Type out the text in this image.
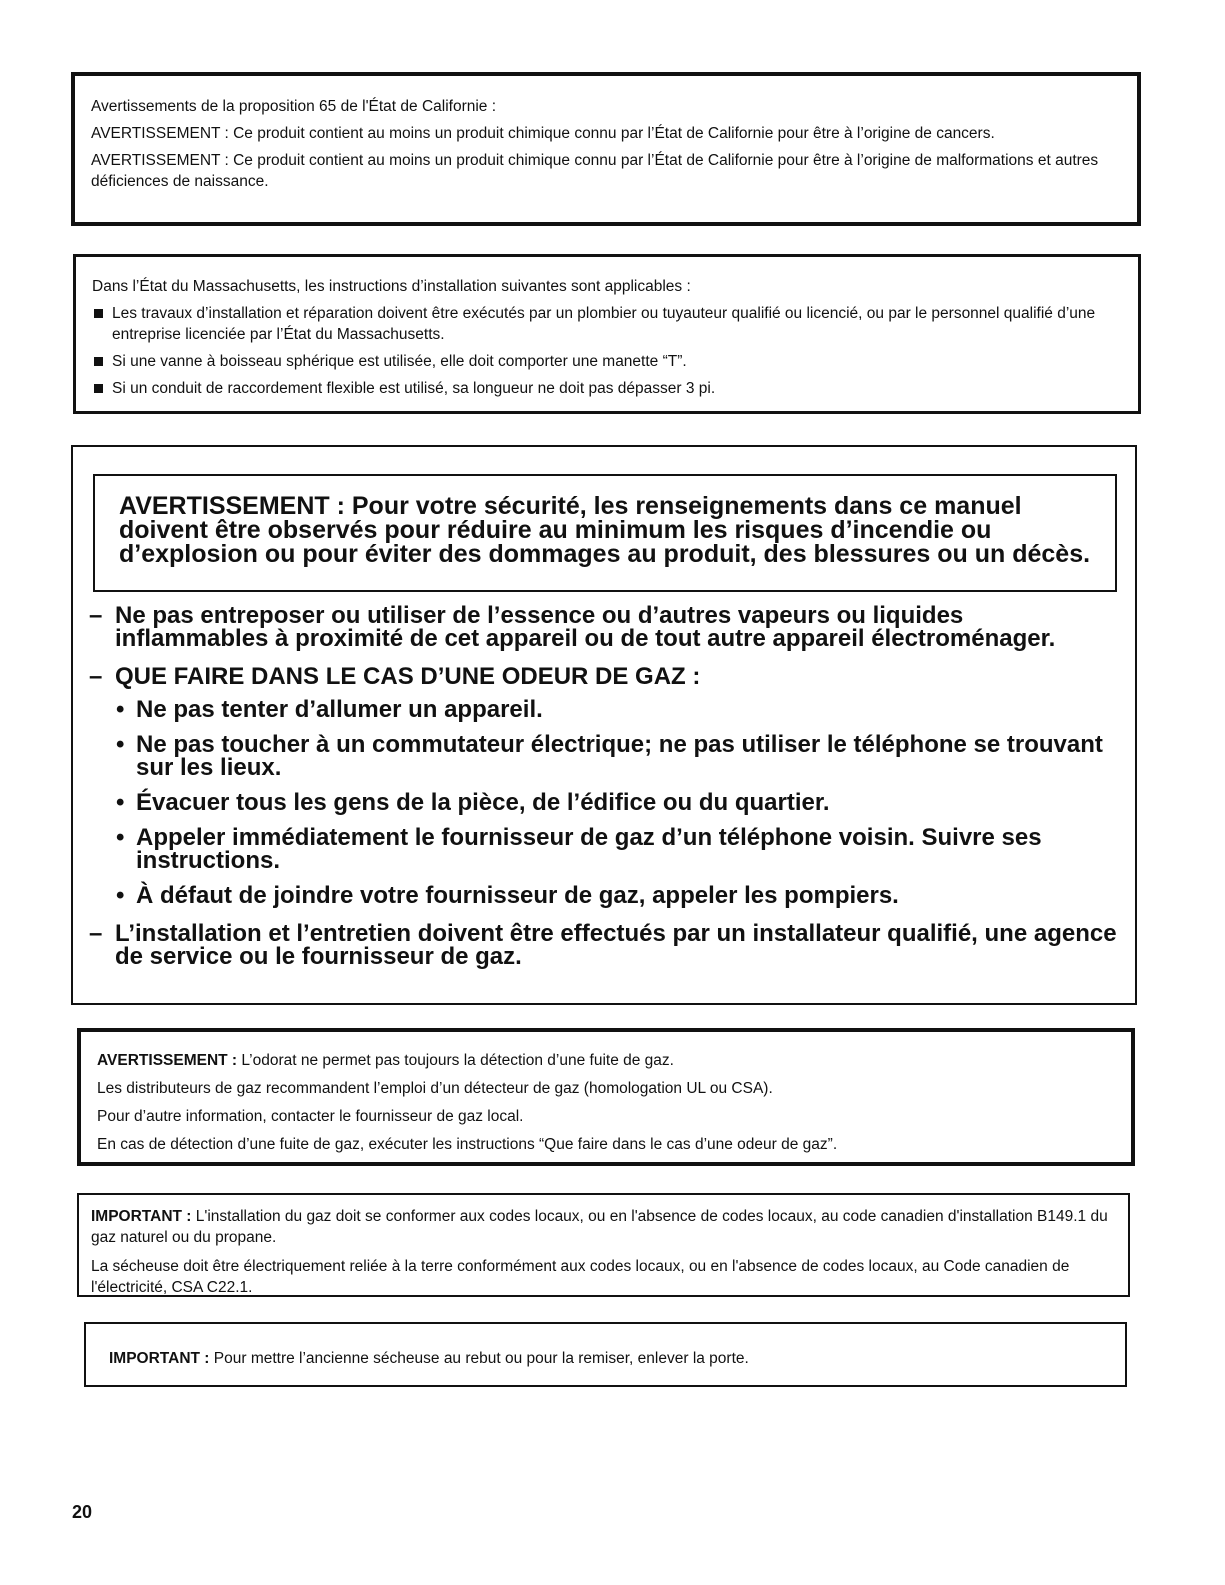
Avertissements de la proposition 65 de l'État de Californie :

AVERTISSEMENT : Ce produit contient au moins un produit chimique connu par l’État de Californie pour être à l’origine de cancers.

AVERTISSEMENT : Ce produit contient au moins un produit chimique connu par l’État de Californie pour être à l’origine de malformations et autres déficiences de naissance.

Dans l’État du Massachusetts, les instructions d’installation suivantes sont applicables :

Les travaux d’installation et réparation doivent être exécutés par un plombier ou tuyauteur qualifié ou licencié, ou par le personnel qualifié d’une entreprise licenciée par l’État du Massachusetts.

Si une vanne à boisseau sphérique est utilisée, elle doit comporter une manette “T”.

Si un conduit de raccordement flexible est utilisé, sa longueur ne doit pas dépasser 3 pi.

AVERTISSEMENT : Pour votre sécurité, les renseignements dans ce manuel doivent être observés pour réduire au minimum les risques d’incendie ou d’explosion ou pour éviter des dommages au produit, des blessures ou un décès.
– Ne pas entreposer ou utiliser de l’essence ou d’autres vapeurs ou liquides inflammables à proximité de cet appareil ou de tout autre appareil électroménager.
– QUE FAIRE DANS LE CAS D’UNE ODEUR DE GAZ :
• Ne pas tenter d’allumer un appareil.
• Ne pas toucher à un commutateur électrique; ne pas utiliser le téléphone se trouvant sur les lieux.
• Évacuer tous les gens de la pièce, de l’édifice ou du quartier.
• Appeler immédiatement le fournisseur de gaz d’un téléphone voisin. Suivre ses instructions.
• À défaut de joindre votre fournisseur de gaz, appeler les pompiers.
– L’installation et l’entretien doivent être effectués par un installateur qualifié, une agence de service ou le fournisseur de gaz.

AVERTISSEMENT : L’odorat ne permet pas toujours la détection d’une fuite de gaz.

Les distributeurs de gaz recommandent l’emploi d’un détecteur de gaz (homologation UL ou CSA).

Pour d’autre information, contacter le fournisseur de gaz local.

En cas de détection d’une fuite de gaz, exécuter les instructions “Que faire dans le cas d’une odeur de gaz”.

IMPORTANT : L'installation du gaz doit se conformer aux codes locaux, ou en l'absence de codes locaux, au code canadien d'installation B149.1 du gaz naturel ou du propane.

La sécheuse doit être électriquement reliée à la terre conformément aux codes locaux, ou en l'absence de codes locaux, au Code canadien de l'électricité, CSA C22.1.

IMPORTANT : Pour mettre l’ancienne sécheuse au rebut ou pour la remiser, enlever la porte.

20
